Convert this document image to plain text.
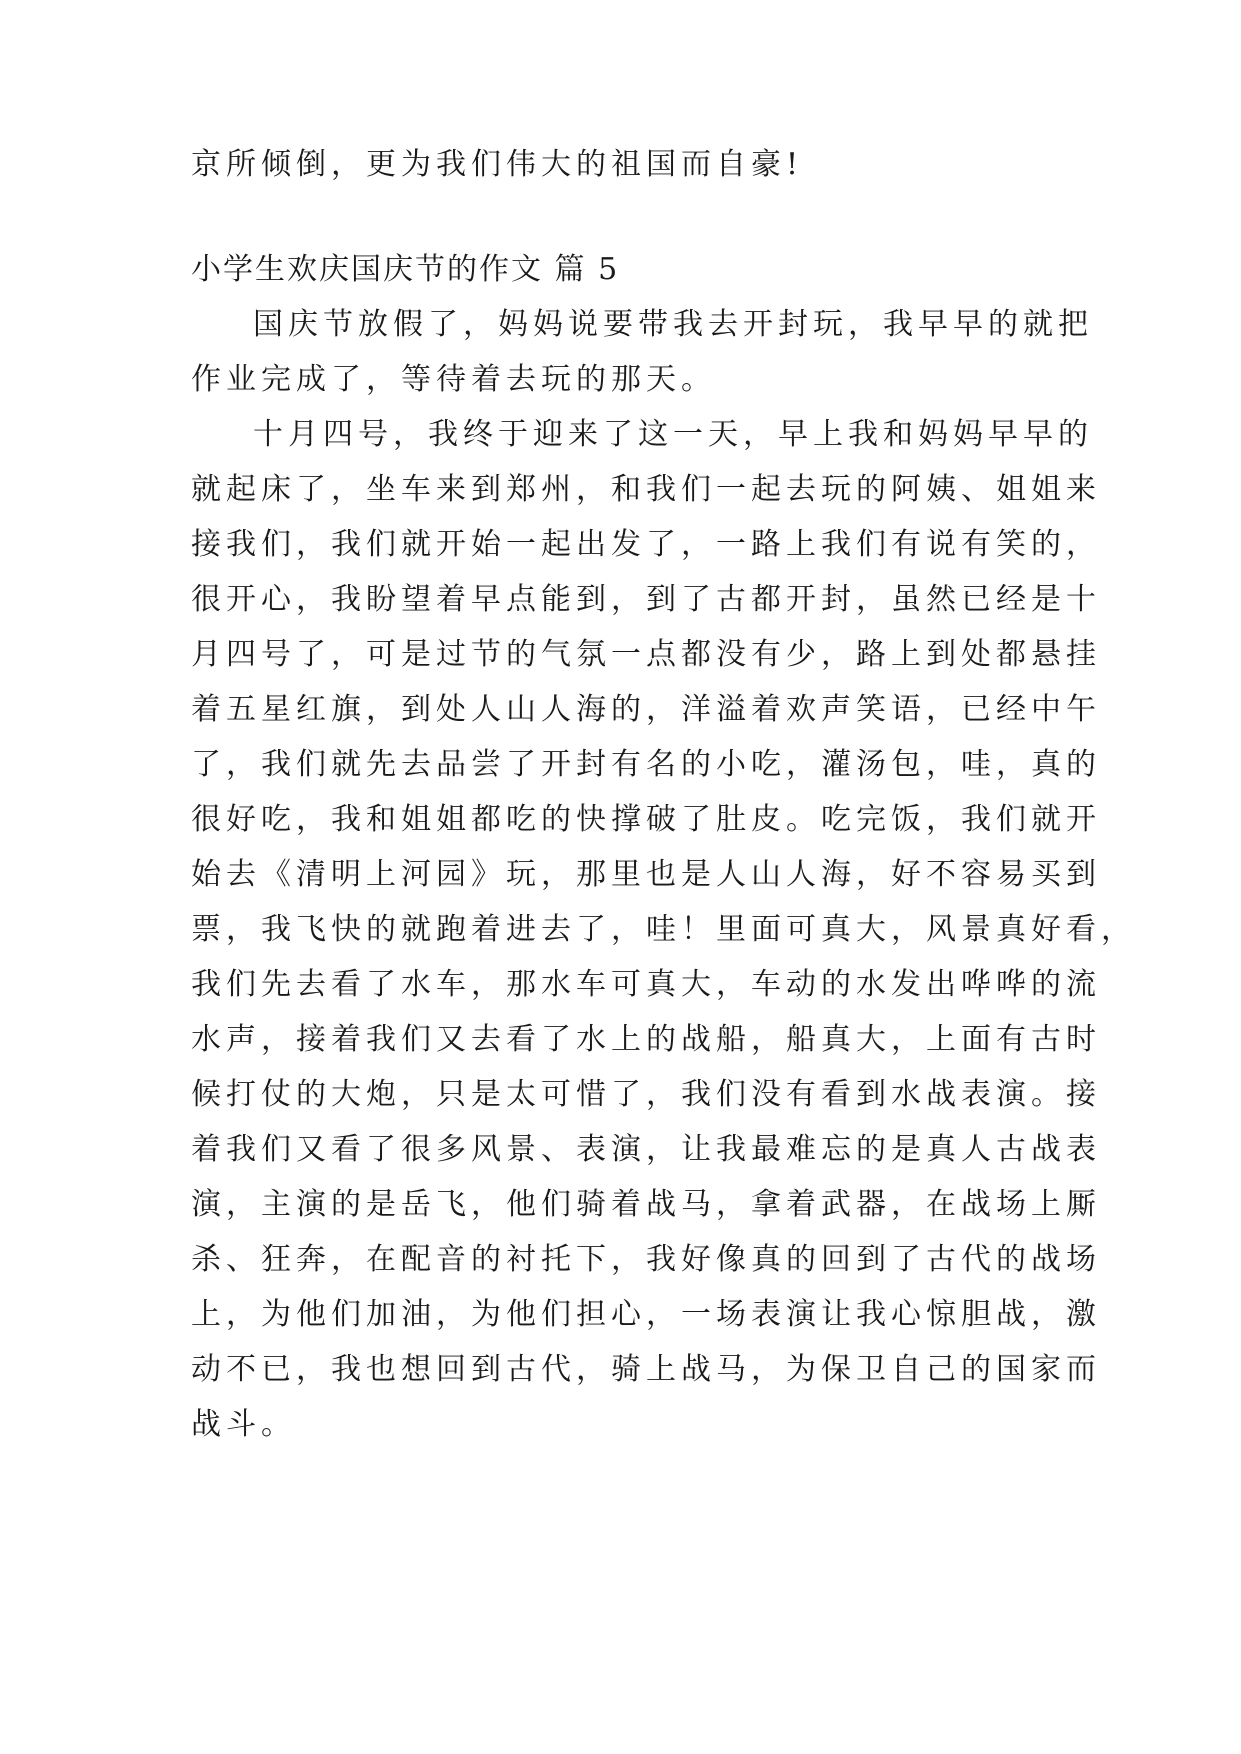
京所倾倒，更为我们伟大的祖国而自豪!
小学生欢庆国庆节的作文 篇 5
国庆节放假了，妈妈说要带我去开封玩，我早早的就把
作业完成了，等待着去玩的那天。
十月四号，我终于迎来了这一天，早上我和妈妈早早的
就起床了，坐车来到郑州，和我们一起去玩的阿姨、姐姐来
接我们，我们就开始一起出发了，一路上我们有说有笑的，
很开心，我盼望着早点能到，到了古都开封，虽然已经是十
月四号了，可是过节的气氛一点都没有少，路上到处都悬挂
着五星红旗，到处人山人海的，洋溢着欢声笑语，已经中午
了，我们就先去品尝了开封有名的小吃，灌汤包，哇，真的
很好吃，我和姐姐都吃的快撑破了肚皮。吃完饭，我们就开
始去《清明上河园》玩，那里也是人山人海，好不容易买到
票，我飞快的就跑着进去了，哇！里面可真大，风景真好看，
我们先去看了水车，那水车可真大，车动的水发出哗哗的流
水声，接着我们又去看了水上的战船，船真大，上面有古时
候打仗的大炮，只是太可惜了，我们没有看到水战表演。接
着我们又看了很多风景、表演，让我最难忘的是真人古战表
演，主演的是岳飞，他们骑着战马，拿着武器，在战场上厮
杀、狂奔，在配音的衬托下，我好像真的回到了古代的战场
上，为他们加油，为他们担心，一场表演让我心惊胆战，激
动不已，我也想回到古代，骑上战马，为保卫自己的国家而
战斗。
